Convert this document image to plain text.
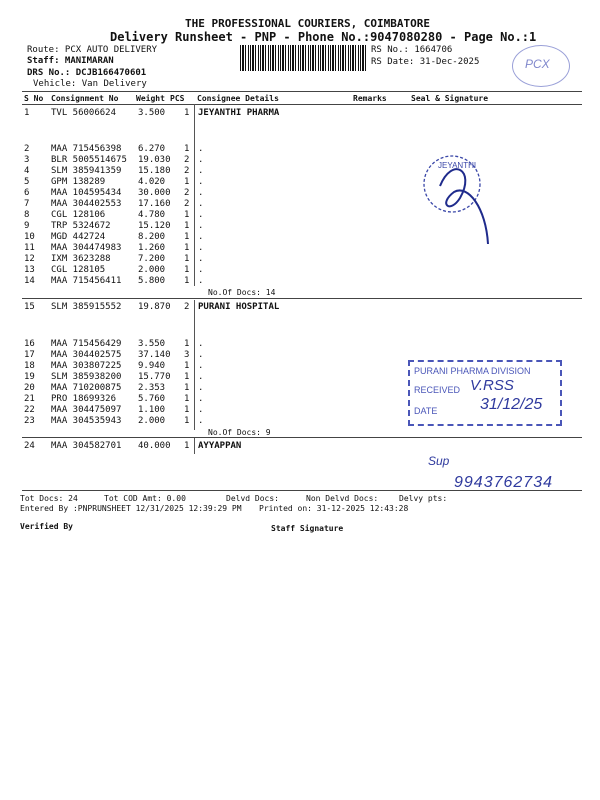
THE PROFESSIONAL COURIERS, COIMBATORE
Delivery Runsheet - PNP - Phone No.:9047080280 - Page No.:1
Route: PCX AUTO DELIVERY
Staff: MANIMARAN
DRS No.: DCJB166470601
Vehicle: Van Delivery
RS No.: 1664706
RS Date: 31-Dec-2025	PCX
S No Consignment No Weight PCS Consignee Details	Remarks	Seal & Signature
1 TVL 56006624 3.500 1 JEYANTHI PHARMA
2 MAA 715456398 6.270 1 .
3 BLR 5005514675 19.030 2 .
4 SLM 385941359 15.180 2 .
5 GPM 138289	4.020 1 .
6 MAA 104595434 30.000 2 .
7 MAA 304402553 17.160 2 .
8 CGL 128106	4.780 1 .
9 TRP 5324672	15.120 1 .
10 MGD 442724	8.200 1 .
11 MAA 304474983 1.260 1 .
12 IXM 3623288	7.200 1 .
13 CGL 128105	2.000 1 .
14 MAA 715456411 5.800 1 .
No.Of Docs: 14
15 SLM 385915552 19.870 2 PURANI HOSPITAL
16 MAA 715456429 3.550 1 .
17 MAA 304402575 37.140 3 .
18 MAA 303807225 9.940 1 .
19 SLM 385938200 15.770 1 .
20 MAA 710200875 2.353 1 .
21 PRO 18699326 5.760 1 .
22 MAA 304475097 1.100 1 .
23 MAA 304535943 2.000 1 .
No.Of Docs: 9
24 MAA 304582701 40.000 1 AYYAPPAN
JEYANTHI
PURANI PHARMA DIVISION
RECEIVED V.RSS
DATE	31/12/25
Sup
9943762734
Tot Docs: 24	Tot COD Amt: 0.00	Delvd Docs:	Non Delvd Docs:	Delvy pts:
Entered By :PNPRUNSHEET 12/31/2025 12:39:29 PM Printed on: 31-12-2025 12:43:28
Verified By	Staff Signature
